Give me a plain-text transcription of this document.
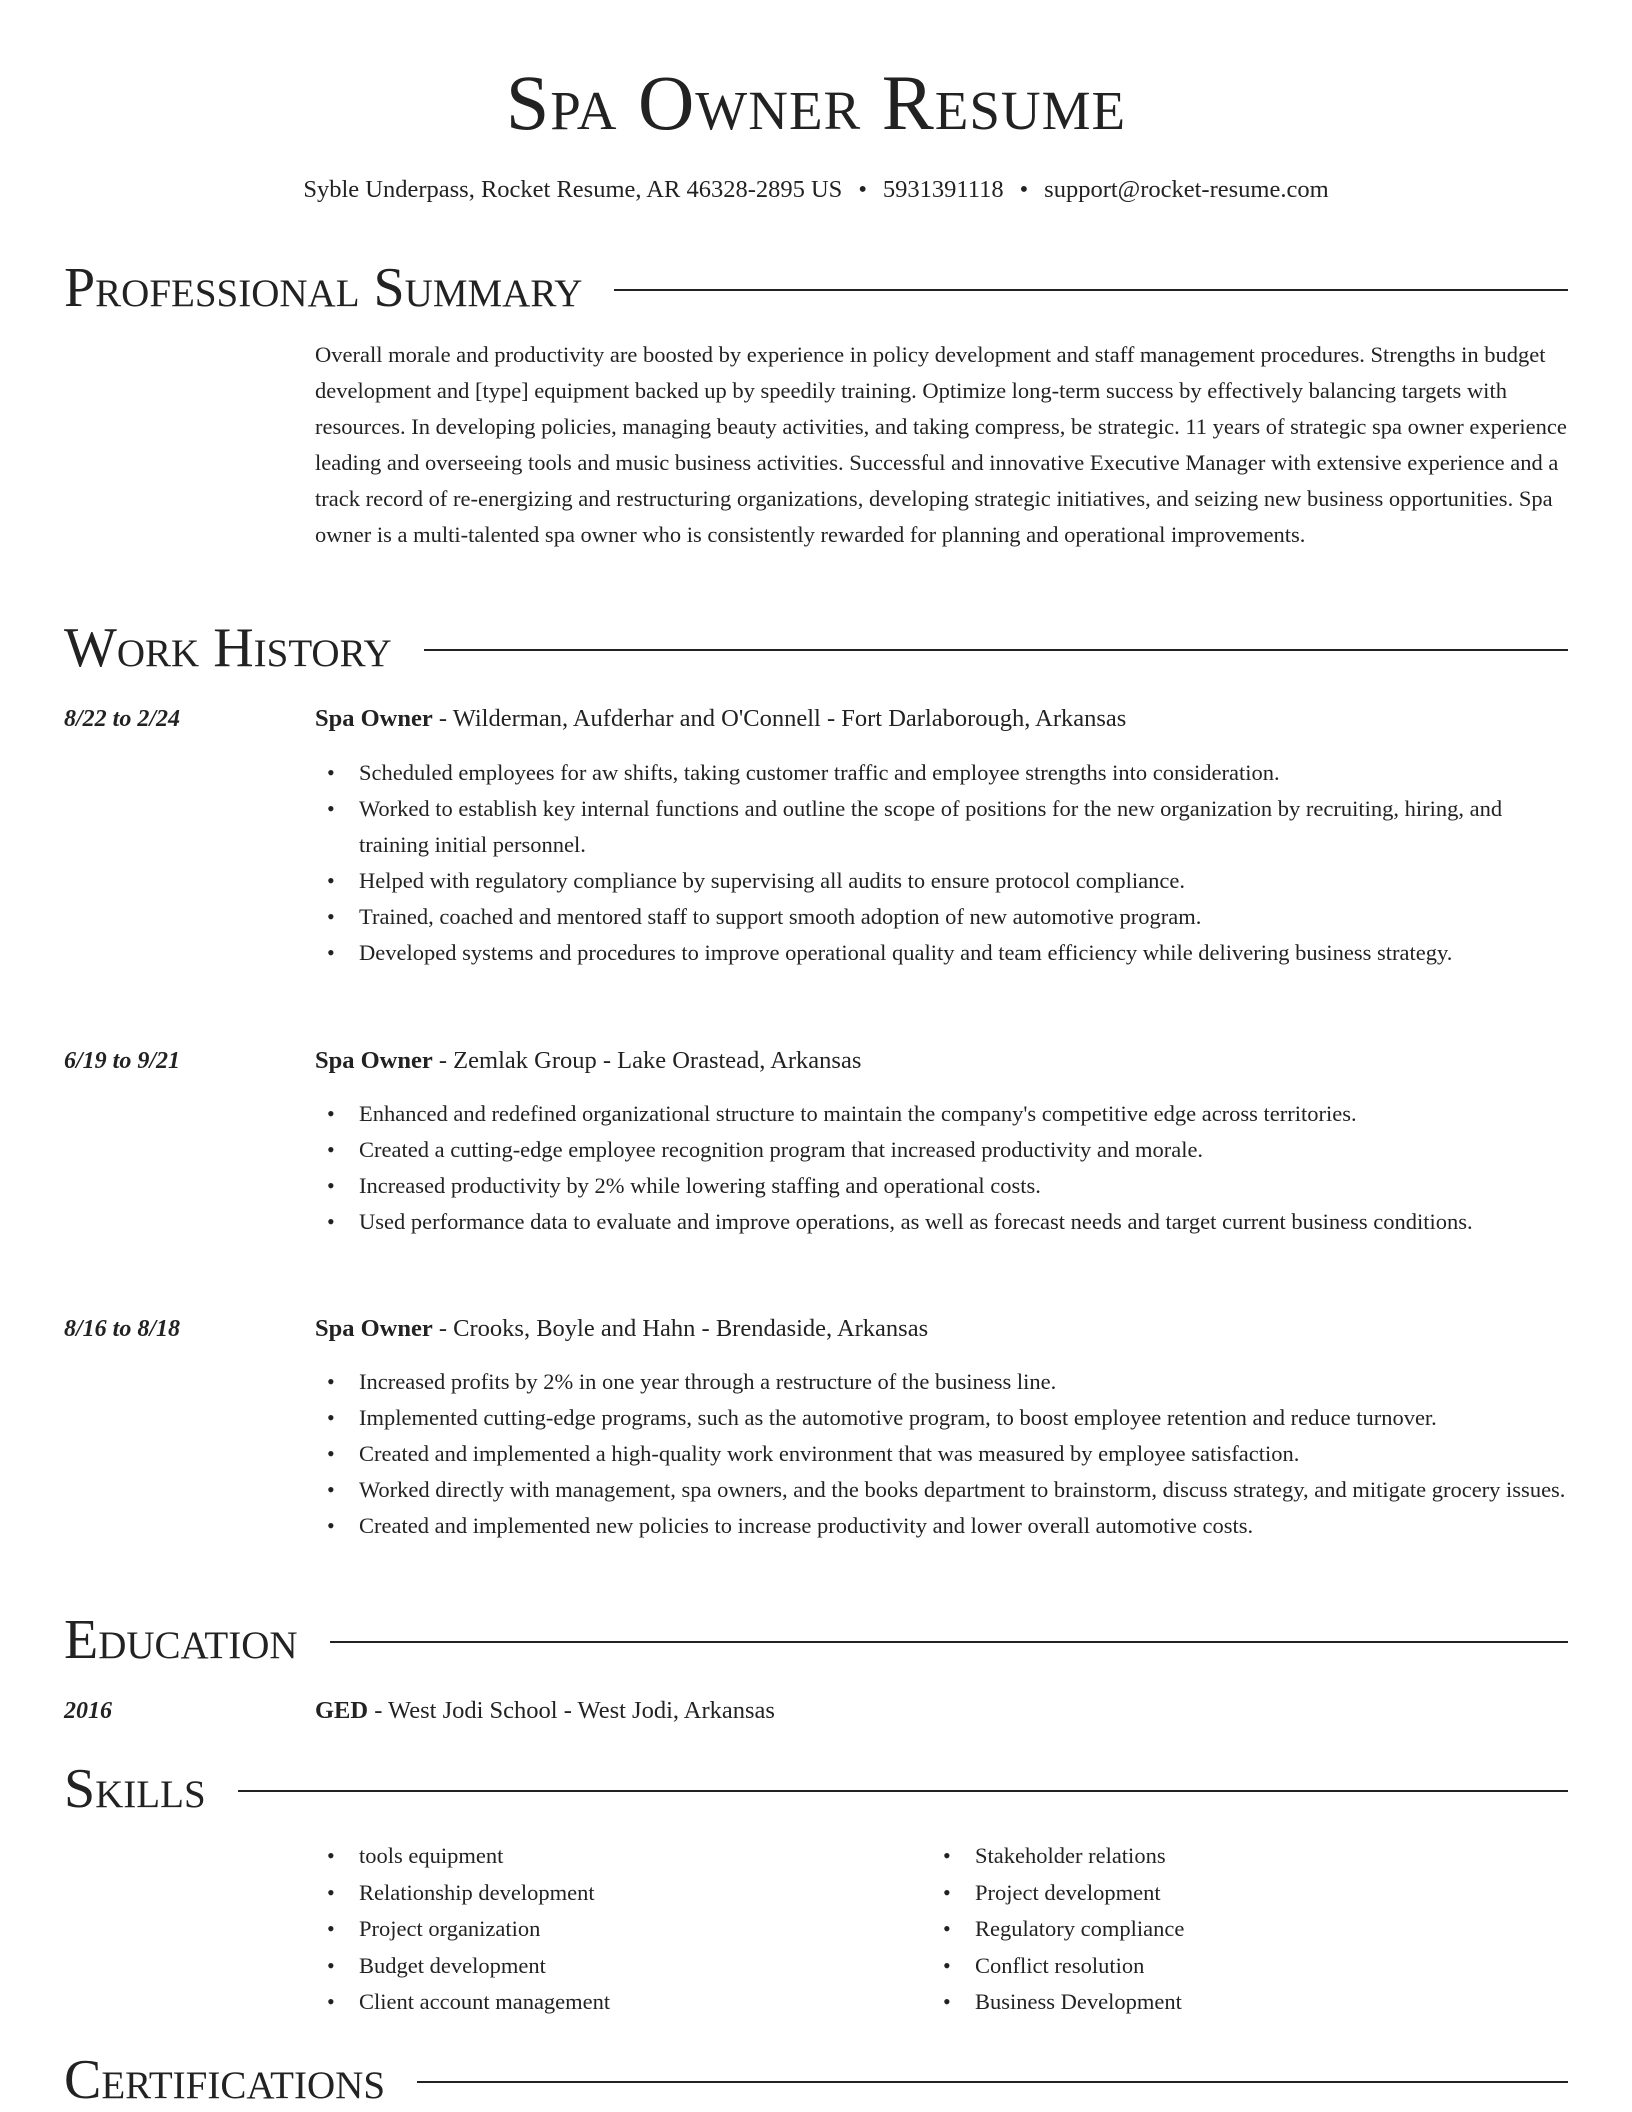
Spa Owner Resume
Syble Underpass, Rocket Resume, AR 46328-2895 US • 5931391118 • support@rocket-resume.com
Professional Summary
Overall morale and productivity are boosted by experience in policy development and staff management procedures. Strengths in budget development and [type] equipment backed up by speedily training. Optimize long-term success by effectively balancing targets with resources. In developing policies, managing beauty activities, and taking compress, be strategic. 11 years of strategic spa owner experience leading and overseeing tools and music business activities. Successful and innovative Executive Manager with extensive experience and a track record of re-energizing and restructuring organizations, developing strategic initiatives, and seizing new business opportunities. Spa owner is a multi-talented spa owner who is consistently rewarded for planning and operational improvements.
Work History
8/22 to 2/24	Spa Owner - Wilderman, Aufderhar and O'Connell - Fort Darlaborough, Arkansas
• Scheduled employees for aw shifts, taking customer traffic and employee strengths into consideration.
• Worked to establish key internal functions and outline the scope of positions for the new organization by recruiting, hiring, and training initial personnel.
• Helped with regulatory compliance by supervising all audits to ensure protocol compliance.
• Trained, coached and mentored staff to support smooth adoption of new automotive program.
• Developed systems and procedures to improve operational quality and team efficiency while delivering business strategy.
6/19 to 9/21	Spa Owner - Zemlak Group - Lake Orastead, Arkansas
• Enhanced and redefined organizational structure to maintain the company's competitive edge across territories.
• Created a cutting-edge employee recognition program that increased productivity and morale.
• Increased productivity by 2% while lowering staffing and operational costs.
• Used performance data to evaluate and improve operations, as well as forecast needs and target current business conditions.
8/16 to 8/18	Spa Owner - Crooks, Boyle and Hahn - Brendaside, Arkansas
• Increased profits by 2% in one year through a restructure of the business line.
• Implemented cutting-edge programs, such as the automotive program, to boost employee retention and reduce turnover.
• Created and implemented a high-quality work environment that was measured by employee satisfaction.
• Worked directly with management, spa owners, and the books department to brainstorm, discuss strategy, and mitigate grocery issues.
• Created and implemented new policies to increase productivity and lower overall automotive costs.
Education
2016	GED - West Jodi School - West Jodi, Arkansas
Skills
• tools equipment
• Relationship development
• Project organization
• Budget development
• Client account management
• Stakeholder relations
• Project development
• Regulatory compliance
• Conflict resolution
• Business Development
Certifications
